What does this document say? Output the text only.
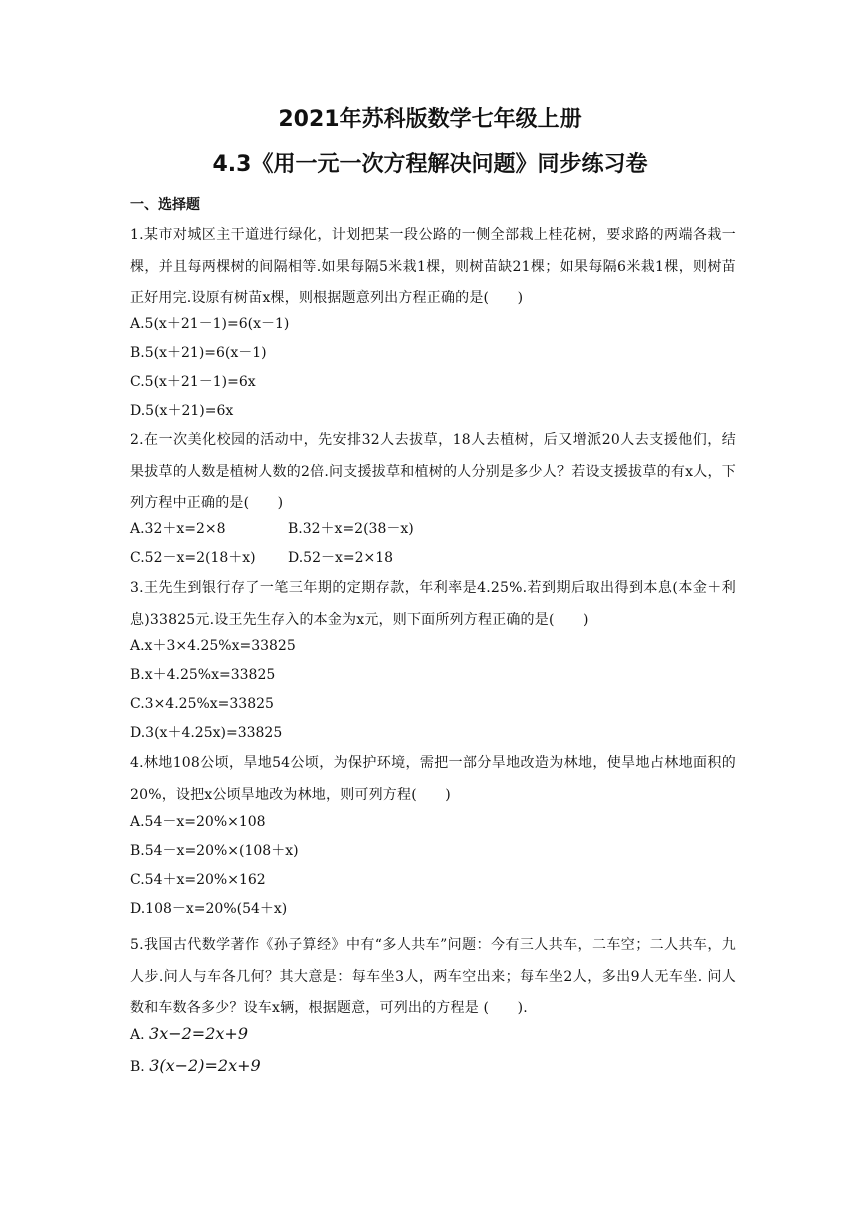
2021年苏科版数学七年级上册
4.3《用一元一次方程解决问题》同步练习卷
一、选择题
1.某市对城区主干道进行绿化，计划把某一段公路的一侧全部栽上桂花树，要求路的两端各栽一棵，并且每两棵树的间隔相等.如果每隔5米栽1棵，则树苗缺21棵；如果每隔6米栽1棵，则树苗正好用完.设原有树苗x棵，则根据题意列出方程正确的是(　　)
A.5(x＋21－1)=6(x－1)
B.5(x＋21)=6(x－1)
C.5(x＋21－1)=6x
D.5(x＋21)=6x
2.在一次美化校园的活动中，先安排32人去拔草，18人去植树，后又增派20人去支援他们，结果拔草的人数是植树人数的2倍.问支援拔草和植树的人分别是多少人？若设支援拔草的有x人，下列方程中正确的是(　　)
A.32＋x=2×8	B.32＋x=2(38－x)
C.52－x=2(18＋x) D.52－x=2×18
3.王先生到银行存了一笔三年期的定期存款，年利率是4.25%.若到期后取出得到本息(本金＋利息)33825元.设王先生存入的本金为x元，则下面所列方程正确的是(　　)
A.x＋3×4.25%x=33825
B.x＋4.25%x=33825
C.3×4.25%x=33825
D.3(x＋4.25x)=33825
4.林地108公顷，旱地54公顷，为保护环境，需把一部分旱地改造为林地，使旱地占林地面积的20%，设把x公顷旱地改为林地，则可列方程(　　)
A.54－x=20%×108
B.54－x=20%×(108＋x)
C.54＋x=20%×162
D.108－x=20%(54＋x)
5.我国古代数学著作《孙子算经》中有“多人共车”问题：今有三人共车，二车空；二人共车，九人步.问人与车各几何？其大意是：每车坐3人，两车空出来；每车坐2人，多出9人无车坐. 问人数和车数各多少？设车x辆，根据题意，可列出的方程是 (　　).
A. 3x−2=2x+9
B. 3(x−2)=2x+9
